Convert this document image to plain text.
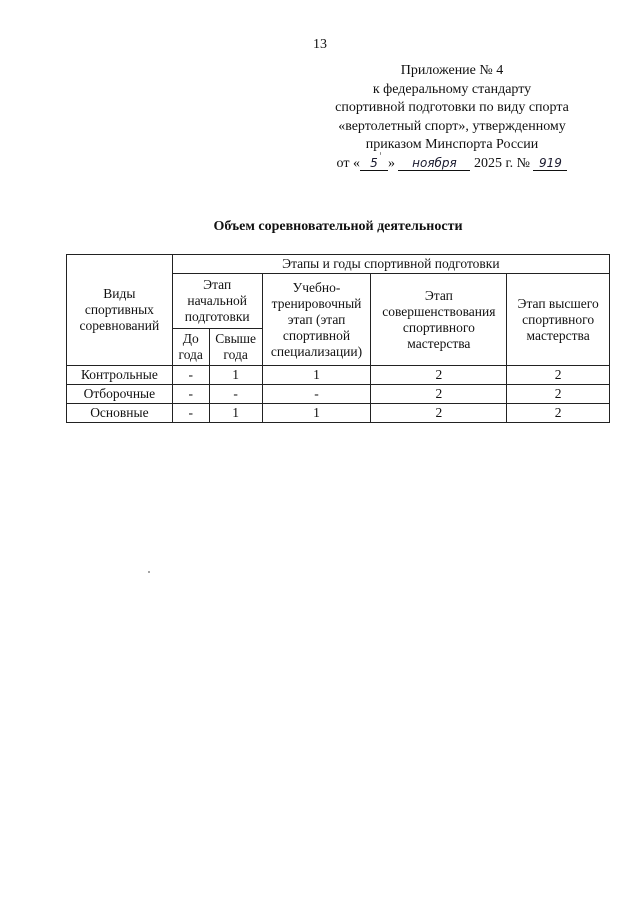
13
Приложение № 4
к федеральному стандарту
спортивной подготовки по виду спорта
«вертолетный спорт», утвержденному
приказом Минспорта России
от « 5 » ноября 2025 г. № 919
Объем соревновательной деятельности
Виды спортивных соревнований	Этапы и годы спортивной подготовки				
	Этап начальной подготовки		Учебно-тренировочный этап (этап спортивной специализации)	Этап совершенствования спортивного мастерства	Этап высшего спортивного мастерства
	До года	Свыше года			
Контрольные	-	1	1	2	2
Отборочные	-	-	-	2	2
Основные	-	1	1	2	2
